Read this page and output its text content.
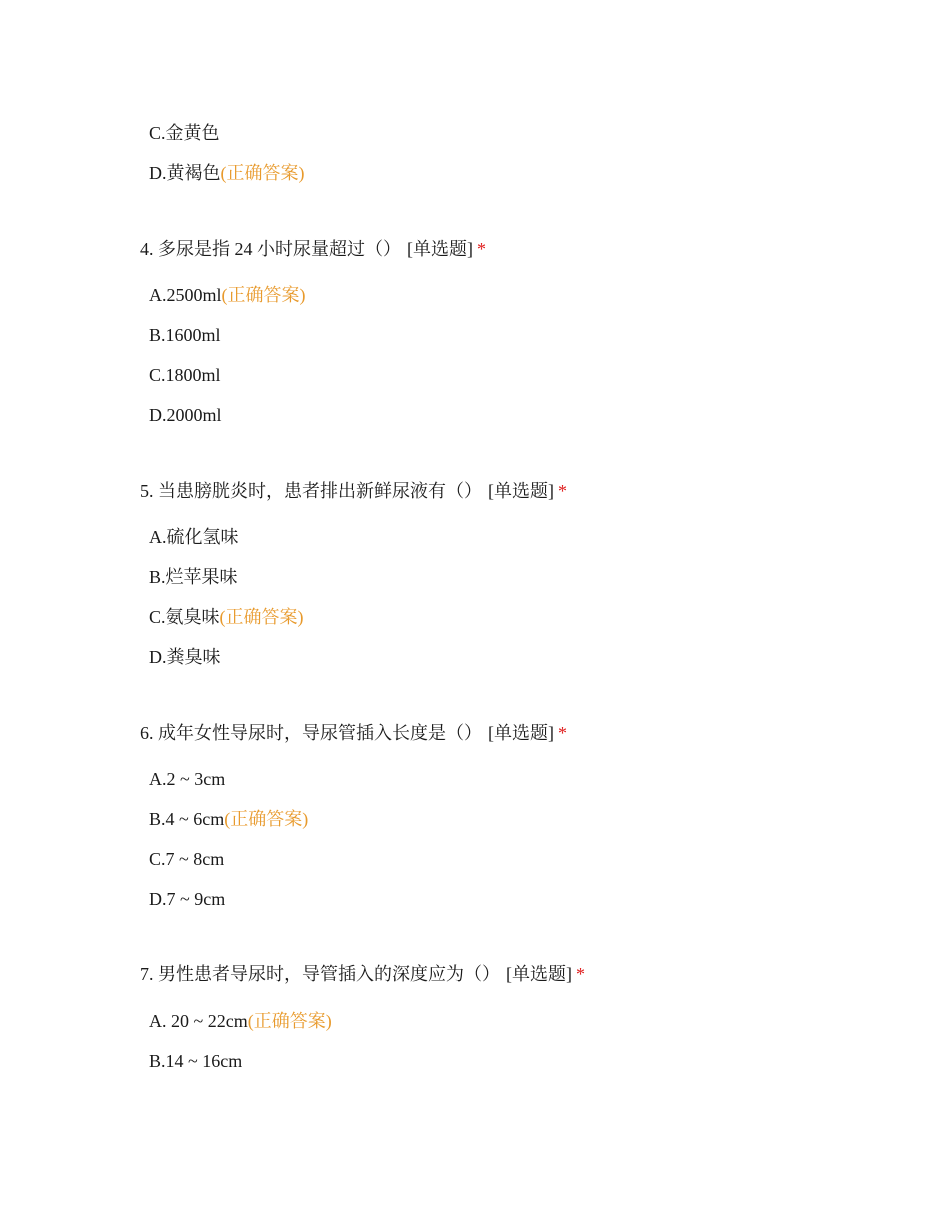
C.金黄色
D.黄褐色(正确答案)
4. 多尿是指 24 小时尿量超过（） [单选题] *
A.2500ml(正确答案)
B.1600ml
C.1800ml
D.2000ml
5. 当患膀胱炎时，患者排出新鲜尿液有（） [单选题] *
A.硫化氢味
B.烂苹果味
C.氨臭味(正确答案)
D.粪臭味
6. 成年女性导尿时，导尿管插入长度是（） [单选题] *
A.2 ~ 3cm
B.4 ~ 6cm(正确答案)
C.7 ~ 8cm
D.7 ~ 9cm
7. 男性患者导尿时，导管插入的深度应为（） [单选题] *
A. 20 ~ 22cm(正确答案)
B.14 ~ 16cm
